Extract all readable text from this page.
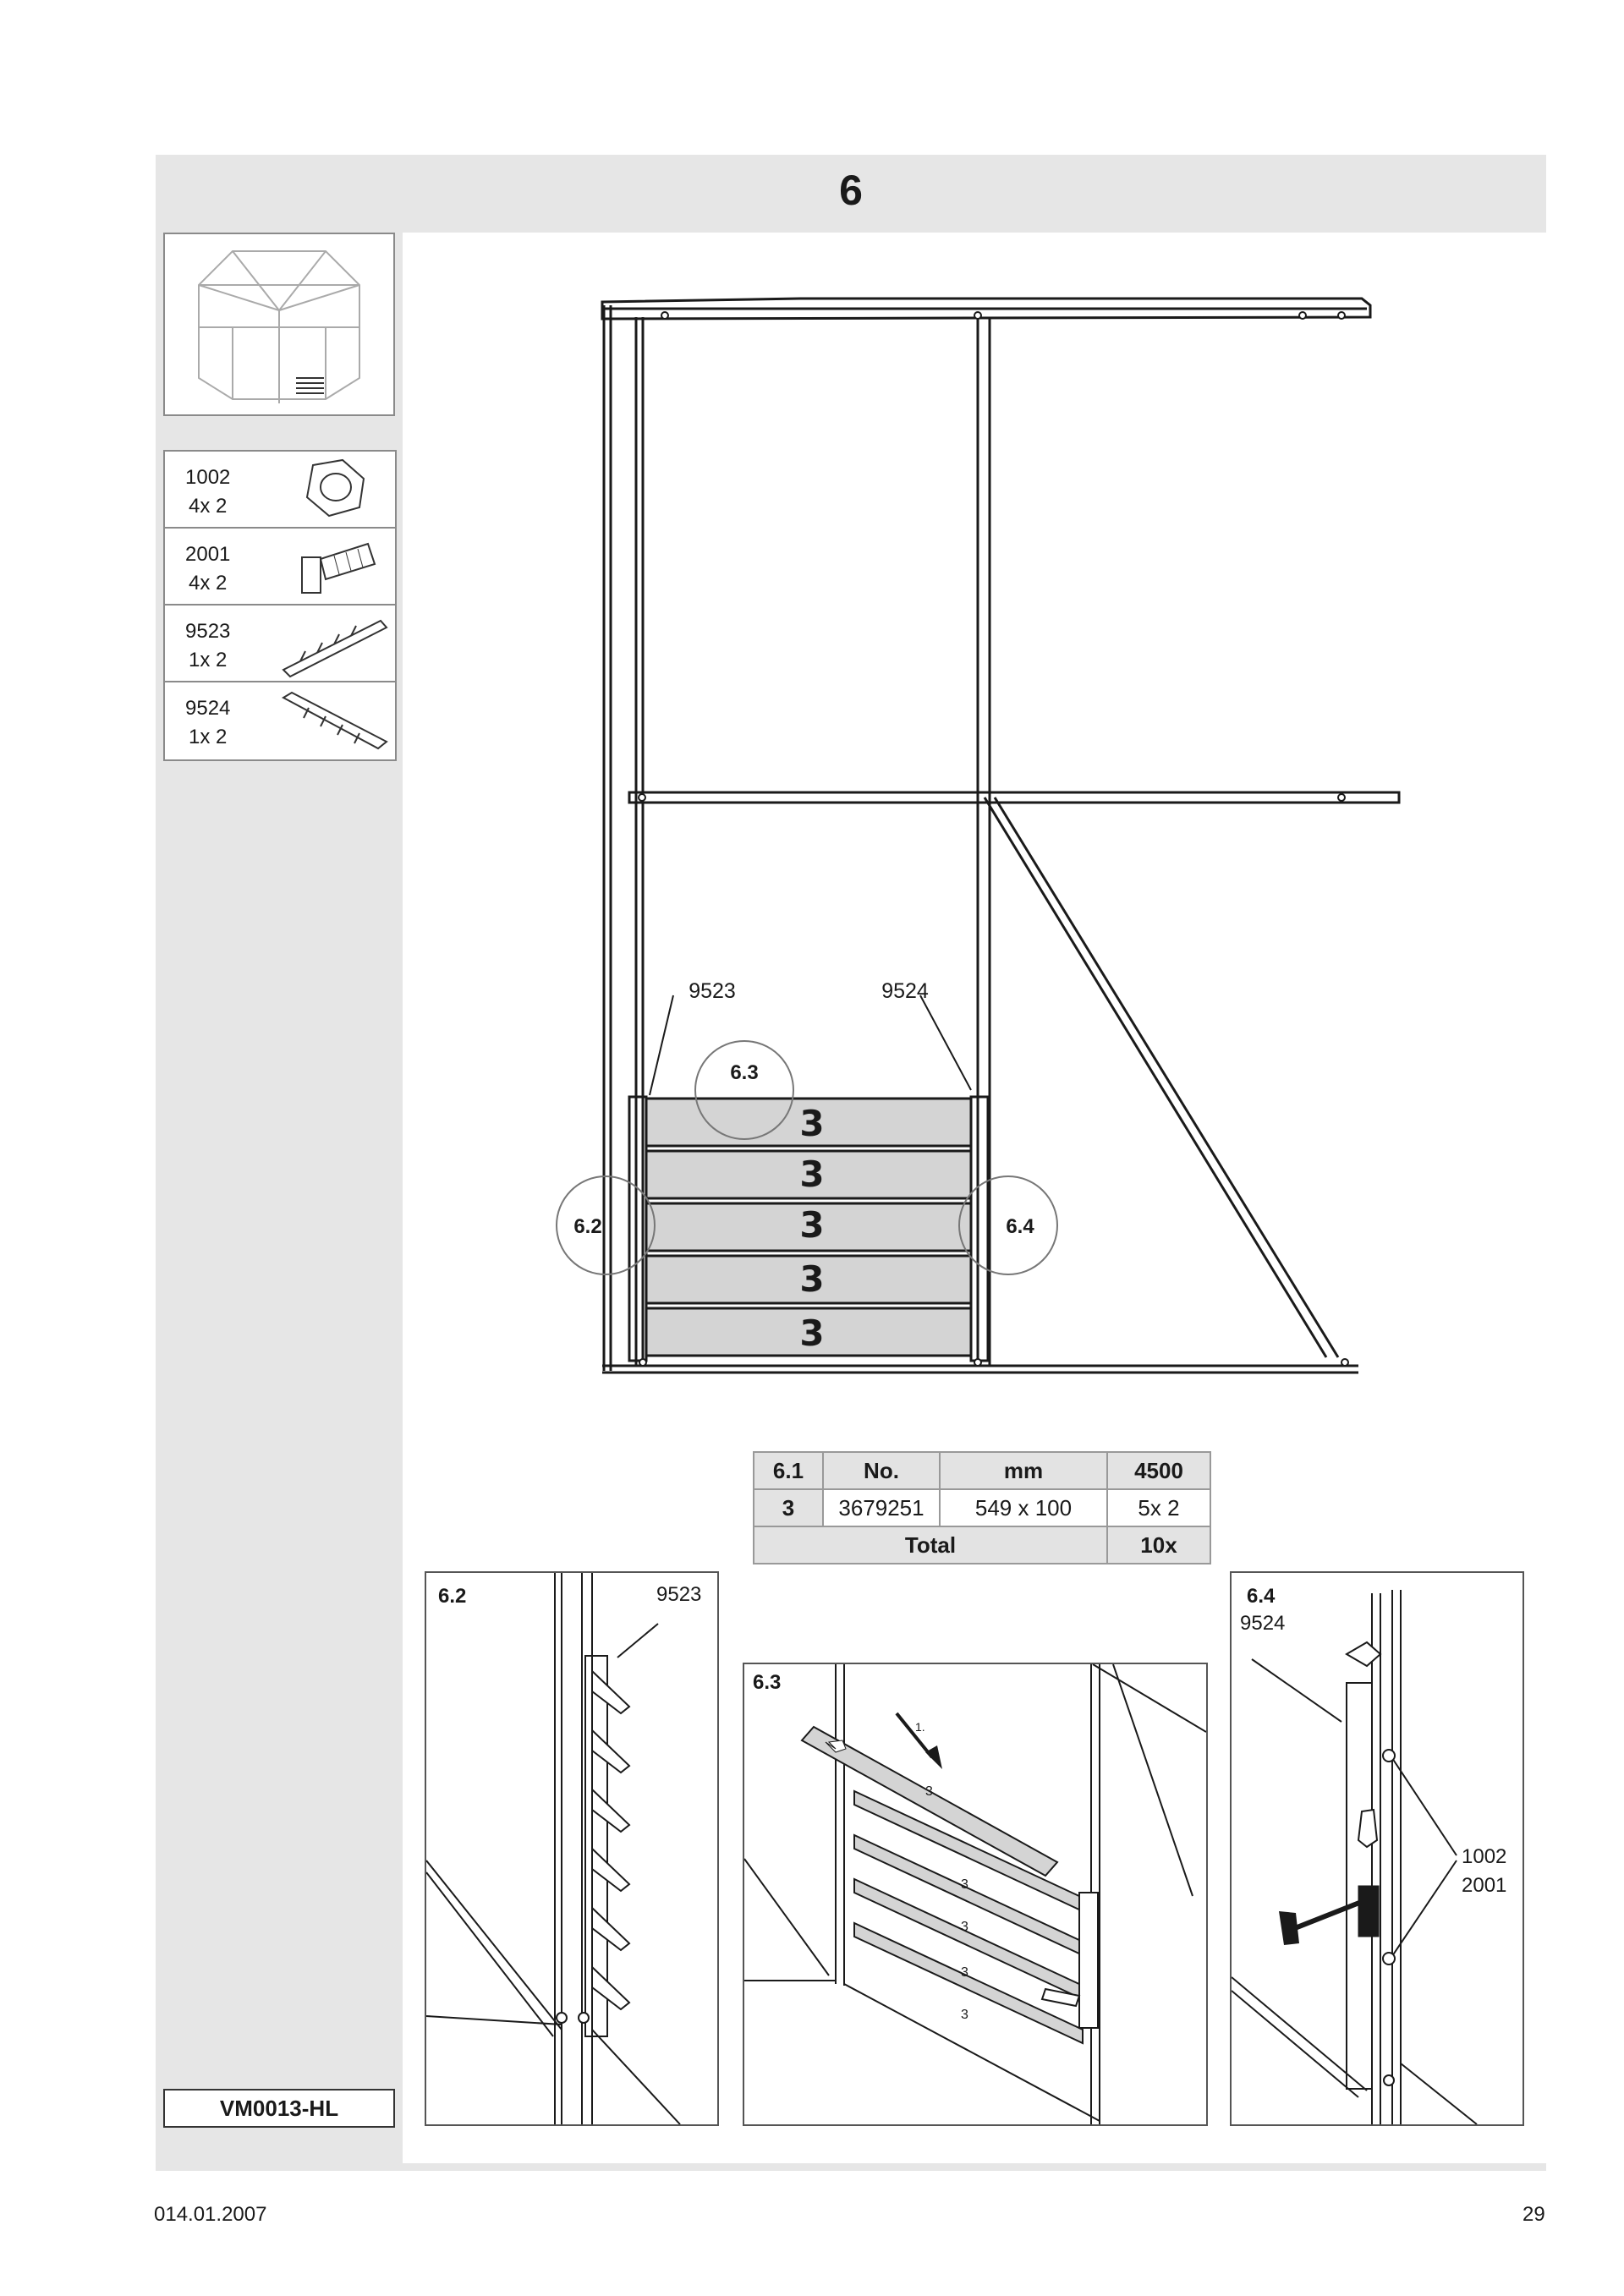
6
1002
4x 2
2001
4x 2
9523
1x 2
9524
1x 2
3
3
3
3
3
9523	9524
6.3
6.2	6.4
6.1	No.	mm	4500
3	3679251	549 x 100	5x 2
Total			10x
6.2	9523
6.3
1.
3
3
3
3
3
6.4
9524
1002
2001
VM0013-HL
014.01.2007	29
